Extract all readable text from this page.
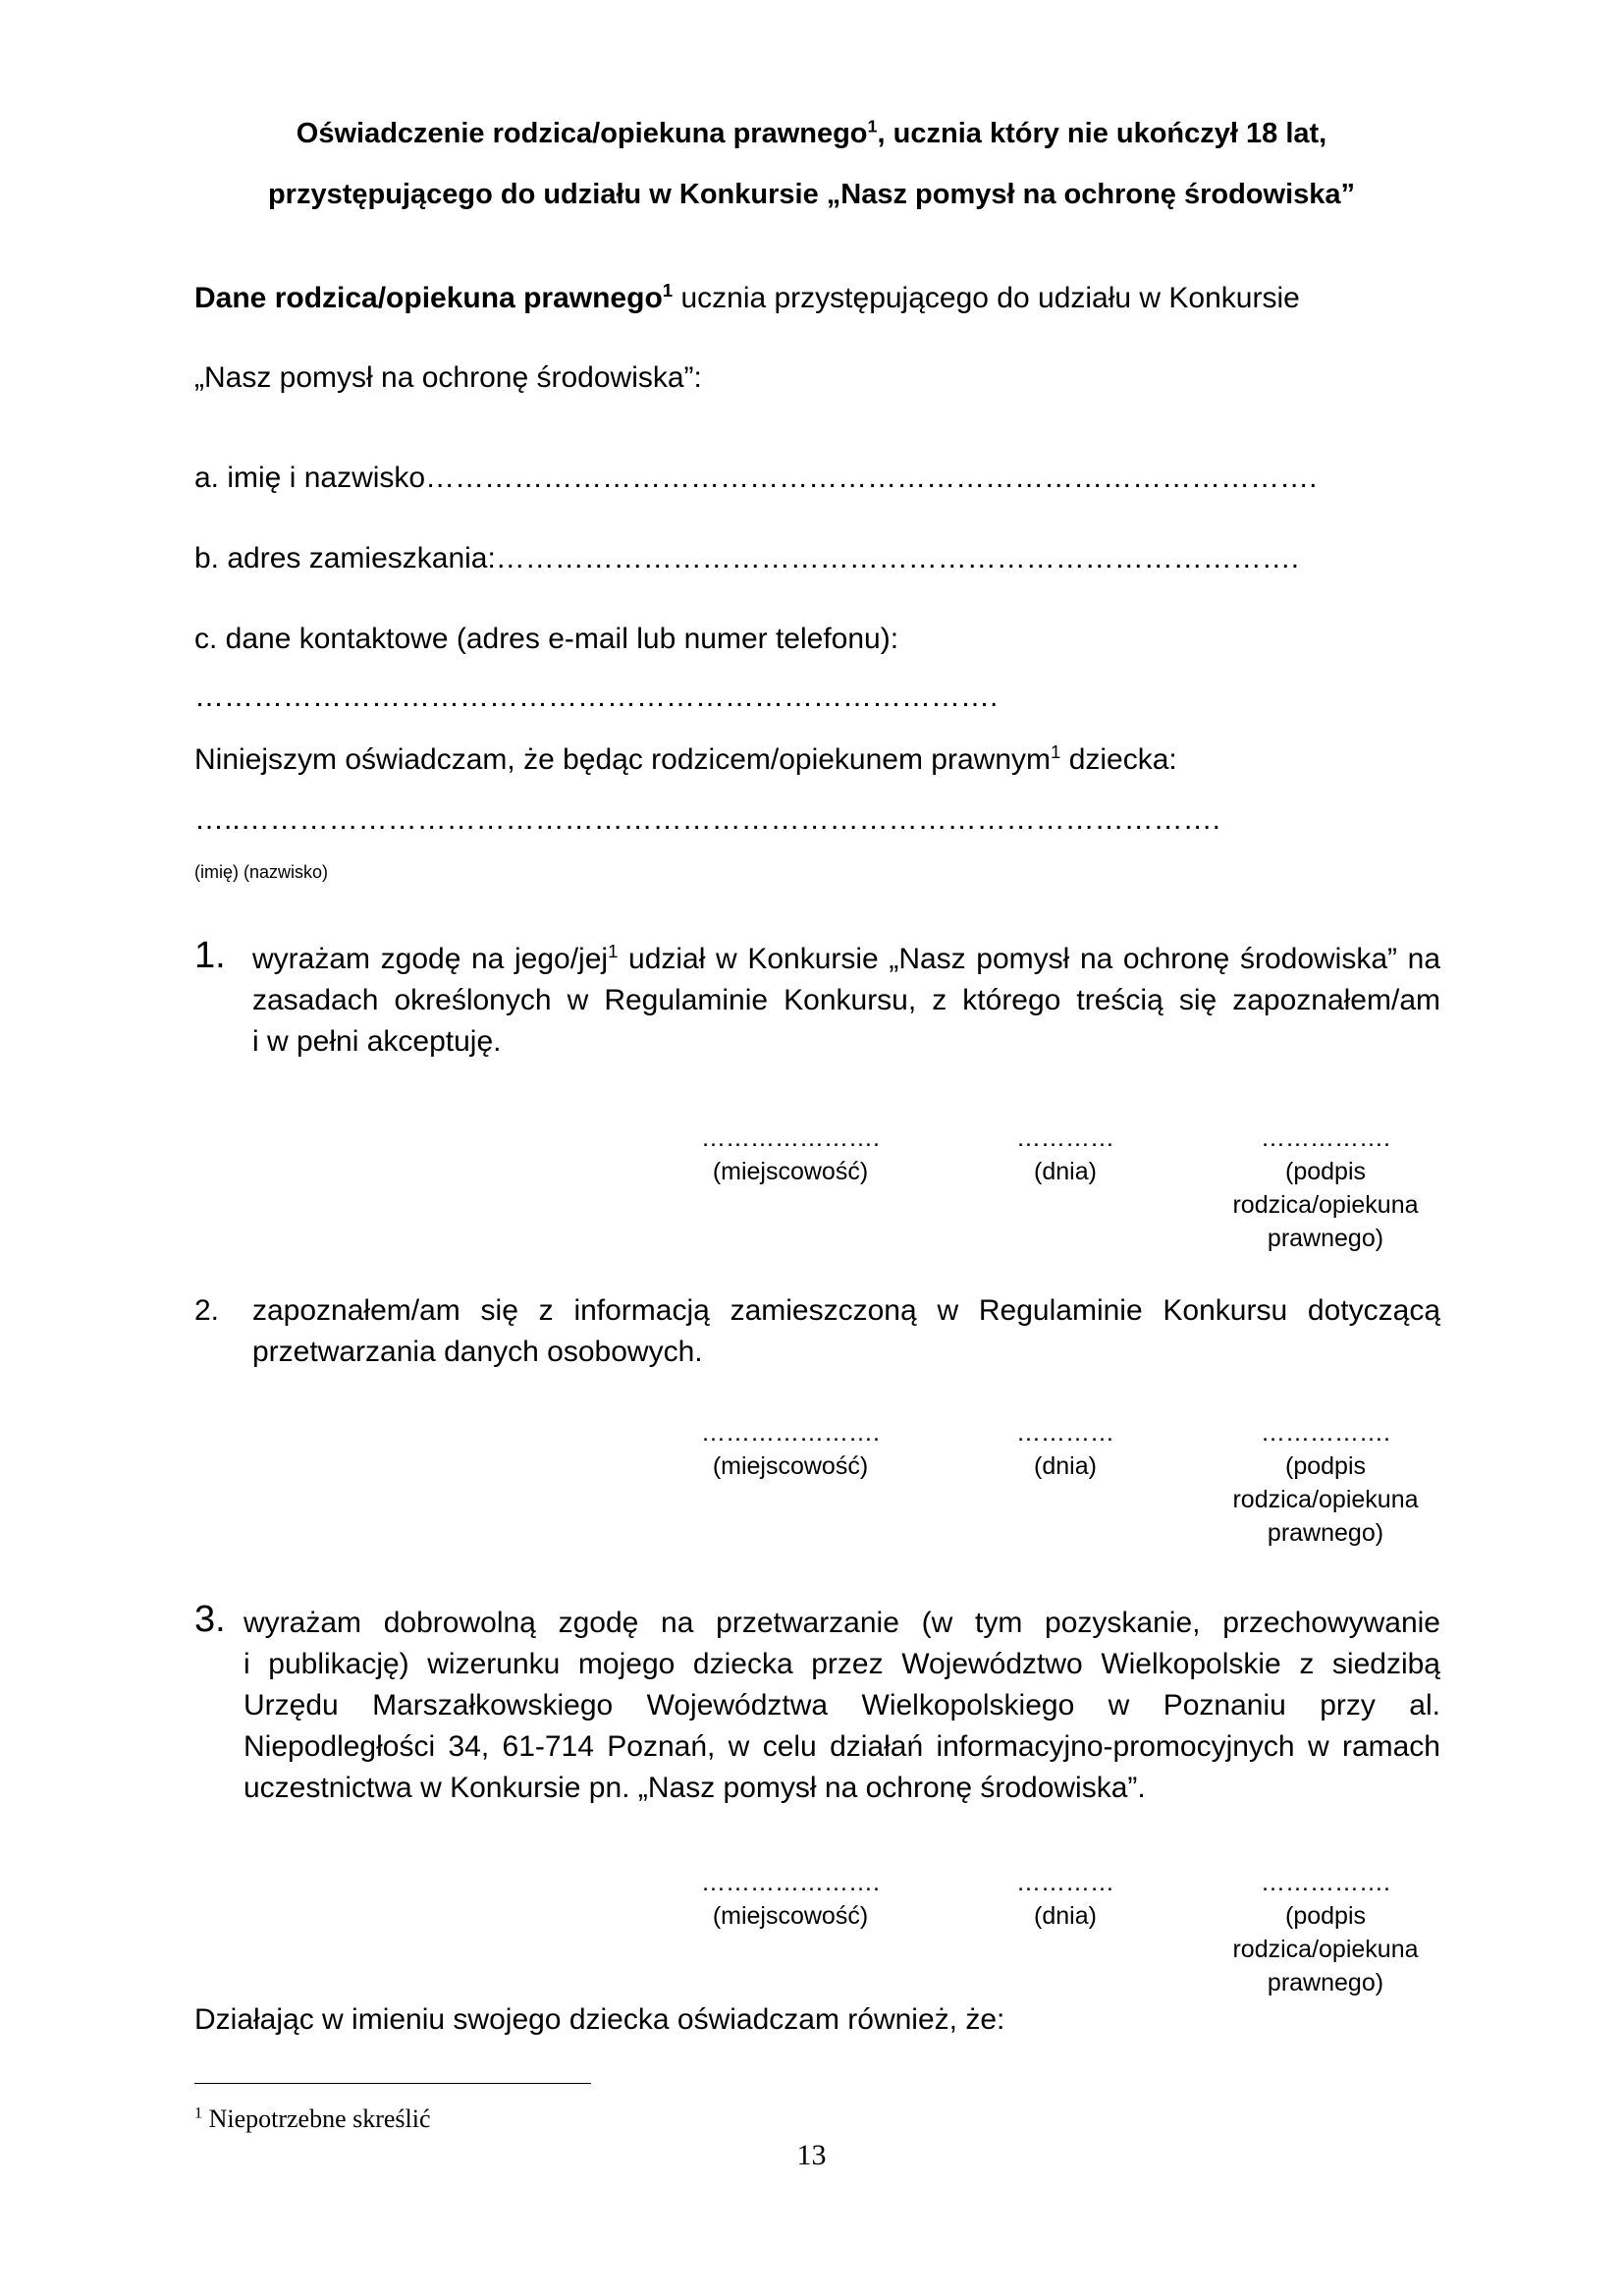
Oświadczenie rodzica/opiekuna prawnego$^1$, ucznia który nie ukończył 18 lat,
przystępującego do udziału w Konkursie „Nasz pomysł na ochronę środowiska”
Dane rodzica/opiekuna prawnego$^1$ ucznia przystępującego do udziału w Konkursie
„Nasz pomysł na ochronę środowiska”:
a. imię i nazwisko……………………………………………………………………………….
b. adres zamieszkania:……………………………………………………………………….
c. dane kontaktowe (adres e-mail lub numer telefonu):
……………………………………………………………………….
Niniejszym oświadczam, że będąc rodzicem/opiekunem prawnym$^1$ dziecka:
…..……………………………………………………………………………………….
(imię) (nazwisko)
1. wyrażam zgodę na jego/jej$^1$ udział w Konkursie „Nasz pomysł na ochronę środowiska” na
zasadach określonych w Regulaminie Konkursu, z którego treścią się zapoznałem/am
i w pełni akceptuję.
………………….
(miejscowość)
…………
(dnia)
…………….
(podpis
rodzica/opiekuna
prawnego)
2. zapoznałem/am się z informacją zamieszczoną w Regulaminie Konkursu dotyczącą
przetwarzania danych osobowych.
………………….
(miejscowość)
…………
(dnia)
…………….
(podpis
rodzica/opiekuna
prawnego)
3. wyrażam dobrowolną zgodę na przetwarzanie (w tym pozyskanie, przechowywanie
i publikację) wizerunku mojego dziecka przez Województwo Wielkopolskie z siedzibą
Urzędu Marszałkowskiego Województwa Wielkopolskiego w Poznaniu przy al.
Niepodległości 34, 61-714 Poznań, w celu działań informacyjno-promocyjnych w ramach
uczestnictwa w Konkursie pn. „Nasz pomysł na ochronę środowiska”.
………………….
(miejscowość)
…………
(dnia)
…………….
(podpis
rodzica/opiekuna
prawnego)
Działając w imieniu swojego dziecka oświadczam również, że:
$^1$ Niepotrzebne skreślić
13
